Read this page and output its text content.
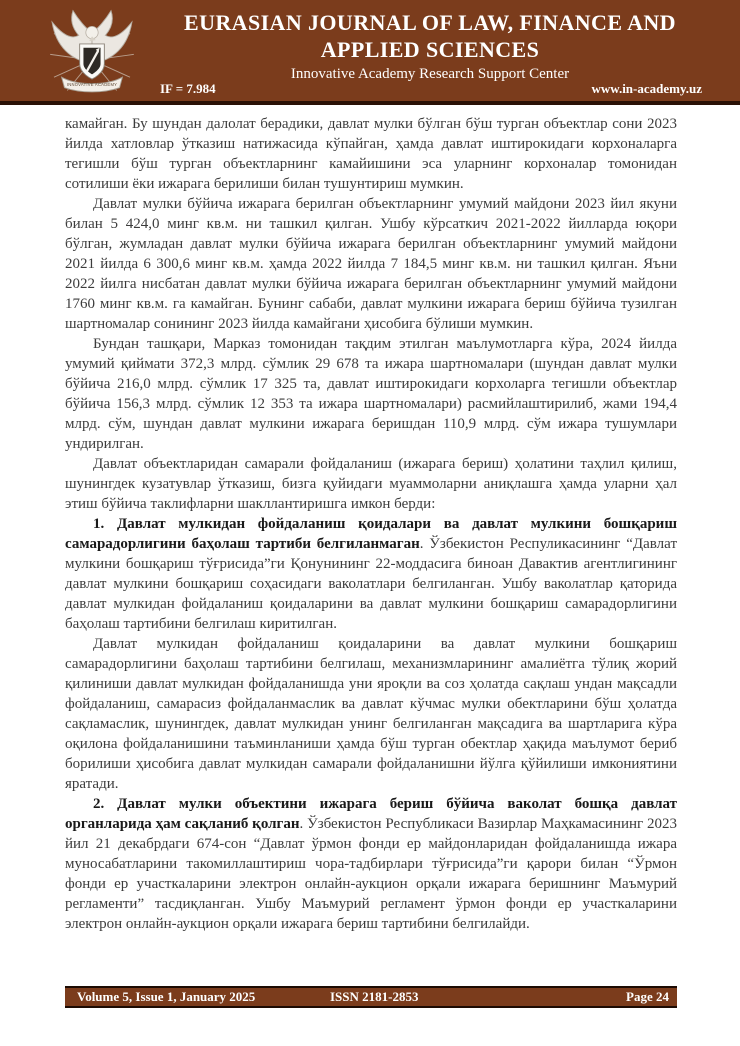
INNOVATIVE ACADEMY
EURASIAN JOURNAL OF LAW, FINANCE AND
APPLIED SCIENCES
Innovative Academy Research Support Center
IF = 7.984	www.in-academy.uz

камайган. Бу шундан далолат берадики, давлат мулки бўлган бўш турган объектлар сони 2023 йилда хатловлар ўтказиш натижасида кўпайган, ҳамда давлат иштирокидаги корхоналарга тегишли бўш турган объектларнинг камайишини эса уларнинг корхоналар томонидан сотилиши ёки ижарага берилиши билан тушунтириш мумкин.

Давлат мулки бўйича ижарага берилган объектларнинг умумий майдони 2023 йил якуни билан 5 424,0 минг кв.м. ни ташкил қилган. Ушбу кўрсаткич 2021-2022 йилларда юқори бўлган, жумладан давлат мулки бўйича ижарага берилган объектларнинг умумий майдони 2021 йилда 6 300,6 минг кв.м. ҳамда 2022 йилда 7 184,5 минг кв.м. ни ташкил қилган. Яъни 2022 йилга нисбатан давлат мулки бўйича ижарага берилган объектларнинг умумий майдони 1760 минг кв.м. га камайган. Бунинг сабаби, давлат мулкини ижарага бериш бўйича тузилган шартномалар сонининг 2023 йилда камайгани ҳисобига бўлиши мумкин.

Бундан ташқари, Марказ томонидан тақдим этилган маълумотларга кўра, 2024 йилда умумий қиймати 372,3 млрд. сўмлик 29 678 та ижара шартномалари (шундан давлат мулки бўйича 216,0 млрд. сўмлик 17 325 та, давлат иштирокидаги корхоларга тегишли объектлар бўйича 156,3 млрд. сўмлик 12 353 та ижара шартномалари) расмийлаштирилиб, жами 194,4 млрд. сўм, шундан давлат мулкини ижарага беришдан 110,9 млрд. сўм ижара тушумлари ундирилган.

Давлат объектларидан самарали фойдаланиш (ижарага бериш) ҳолатини таҳлил қилиш, шунингдек кузатувлар ўтказиш, бизга қуйидаги муаммоларни аниқлашга ҳамда уларни ҳал этиш бўйича таклифларни шакллантиришга имкон берди:

1. Давлат мулкидан фойдаланиш қоидалари ва давлат мулкини бошқариш самарадорлигини баҳолаш тартиби белгиланмаган. Ўзбекистон Респуликасининг “Давлат мулкини бошқариш тўғрисида”ги Қонунининг 22-моддасига биноан Давактив агентлигининг давлат мулкини бошқариш соҳасидаги ваколатлари белгиланган. Ушбу ваколатлар қаторида давлат мулкидан фойдаланиш қоидаларини ва давлат мулкини бошқариш самарадорлигини баҳолаш тартибини белгилаш киритилган.

Давлат мулкидан фойдаланиш қоидаларини ва давлат мулкини бошқариш самарадорлигини баҳолаш тартибини белгилаш, механизмларининг амалиётга тўлиқ жорий қилиниши давлат мулкидан фойдаланишда уни яроқли ва соз ҳолатда сақлаш ундан мақсадли фойдаланиш, самарасиз фойдаланмаслик ва давлат кўчмас мулки обектларини бўш ҳолатда сақламаслик, шунингдек, давлат мулкидан унинг белгиланган мақсадига ва шартларига кўра оқилона фойдаланишини таъминланиши ҳамда бўш турган обектлар ҳақида маълумот бериб борилиши ҳисобига давлат мулкидан самарали фойдаланишни йўлга қўйилиши имкониятини яратади.

2. Давлат мулки объектини ижарага бериш бўйича ваколат бошқа давлат органларида ҳам сақланиб қолган. Ўзбекистон Республикаси Вазирлар Маҳкамасининг 2023 йил 21 декабрдаги 674-сон “Давлат ўрмон фонди ер майдонларидан фойдаланишда ижара муносабатларини такомиллаштириш чора-тадбирлари тўғрисида”ги қарори билан “Ўрмон фонди ер участкаларини электрон онлайн-аукцион орқали ижарага беришнинг Маъмурий регламенти” тасдиқланган. Ушбу Маъмурий регламент ўрмон фонди ер участкаларини электрон онлайн-аукцион орқали ижарага бериш тартибини белгилайди.

Volume 5, Issue 1, January 2025	ISSN 2181-2853	Page 24
